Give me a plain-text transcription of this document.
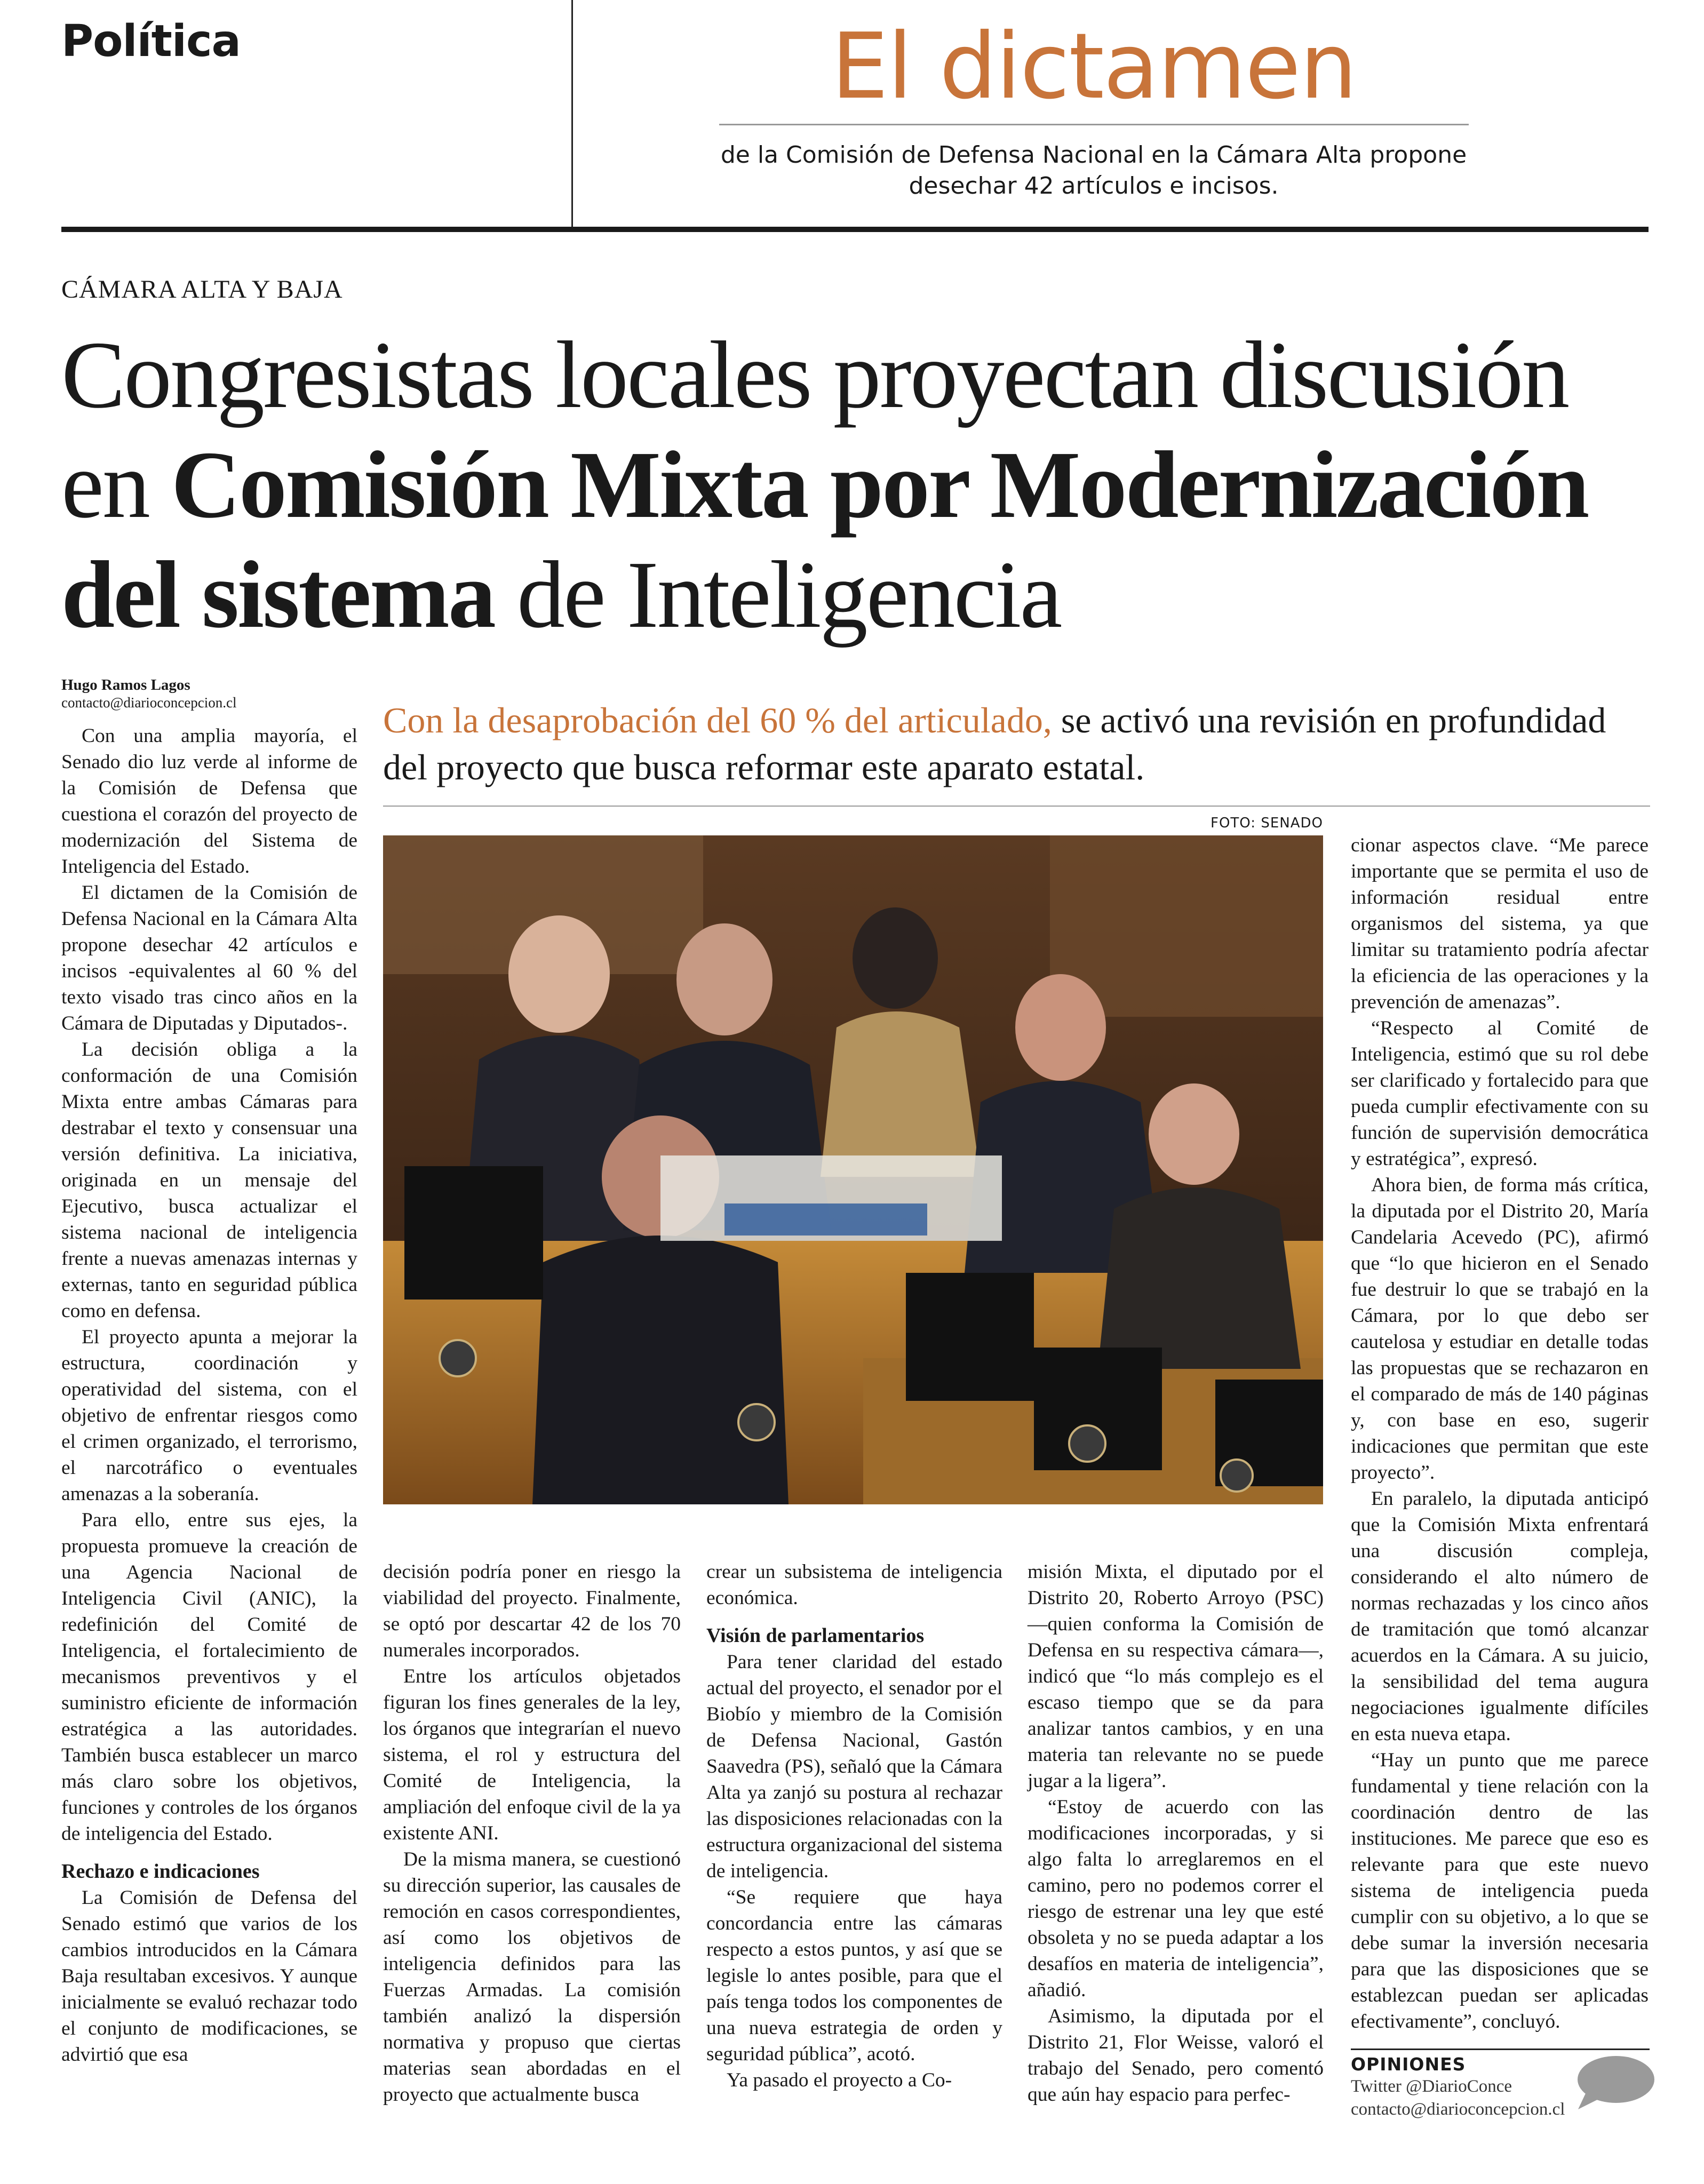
Política	El dictamen
de la Comisión de Defensa Nacional en la Cámara Alta propone
desechar 42 artículos e incisos.
CÁMARA ALTA Y BAJA
Congresistas locales proyectan discusión
en Comisión Mixta por Modernización
del sistema de Inteligencia
Hugo Ramos Lagos
contacto@diarioconcepcion.cl	Con la desaprobación del 60 % del articulado, se activó una revisión en profundidad del proyecto que busca reformar este aparato estatal.
FOTO: SENADO

Con una amplia mayoría, el Senado dio luz verde al informe de la Comisión de Defensa que cuestiona el corazón del proyecto de modernización del Sistema de Inteligencia del Estado.

El dictamen de la Comisión de Defensa Nacional en la Cámara Alta propone desechar 42 artículos e incisos -equivalentes al 60 % del texto visado tras cinco años en la Cámara de Diputadas y Diputados-.

La decisión obliga a la conformación de una Comisión Mixta entre ambas Cámaras para destrabar el texto y consensuar una versión definitiva. La iniciativa, originada en un mensaje del Ejecutivo, busca actualizar el sistema nacional de inteligencia frente a nuevas amenazas internas y externas, tanto en seguridad pública como en defensa.

El proyecto apunta a mejorar la estructura, coordinación y operatividad del sistema, con el objetivo de enfrentar riesgos como el crimen organizado, el terrorismo, el narcotráfico o eventuales amenazas a la soberanía.

Para ello, entre sus ejes, la propuesta promueve la creación de una Agencia Nacional de Inteligencia Civil (ANIC), la redefinición del Comité de Inteligencia, el fortalecimiento de mecanismos preventivos y el suministro eficiente de información estratégica a las autoridades. También busca establecer un marco más claro sobre los objetivos, funciones y controles de los órganos de inteligencia del Estado.

Rechazo e indicaciones

La Comisión de Defensa del Senado estimó que varios de los cambios introducidos en la Cámara Baja resultaban excesivos. Y aunque inicialmente se evaluó rechazar todo el conjunto de modificaciones, se advirtió que esa

decisión podría poner en riesgo la viabilidad del proyecto. Finalmente, se optó por descartar 42 de los 70 numerales incorporados.

Entre los artículos objetados figuran los fines generales de la ley, los órganos que integrarían el nuevo sistema, el rol y estructura del Comité de Inteligencia, la ampliación del enfoque civil de la ya existente ANI.

De la misma manera, se cuestionó su dirección superior, las causales de remoción en casos correspondientes, así como los objetivos de inteligencia definidos para las Fuerzas Armadas. La comisión también analizó la dispersión normativa y propuso que ciertas materias sean abordadas en el proyecto que actualmente busca

crear un subsistema de inteligencia económica.

Visión de parlamentarios

Para tener claridad del estado actual del proyecto, el senador por el Biobío y miembro de la Comisión de Defensa Nacional, Gastón Saavedra (PS), señaló que la Cámara Alta ya zanjó su postura al rechazar las disposiciones relacionadas con la estructura organizacional del sistema de inteligencia.

“Se requiere que haya concordancia entre las cámaras respecto a estos puntos, y así que se legisle lo antes posible, para que el país tenga todos los componentes de una nueva estrategia de orden y seguridad pública”, acotó.

Ya pasado el proyecto a Co-

misión Mixta, el diputado por el Distrito 20, Roberto Arroyo (PSC) —quien conforma la Comisión de Defensa en su respectiva cámara—, indicó que “lo más complejo es el escaso tiempo que se da para analizar tantos cambios, y en una materia tan relevante no se puede jugar a la ligera”.

“Estoy de acuerdo con las modificaciones incorporadas, y si algo falta lo arreglaremos en el camino, pero no podemos correr el riesgo de estrenar una ley que esté obsoleta y no se pueda adaptar a los desafíos en materia de inteligencia”, añadió.

Asimismo, la diputada por el Distrito 21, Flor Weisse, valoró el trabajo del Senado, pero comentó que aún hay espacio para perfec-

cionar aspectos clave. “Me parece importante que se permita el uso de información residual entre organismos del sistema, ya que limitar su tratamiento podría afectar la eficiencia de las operaciones y la prevención de amenazas”.

“Respecto al Comité de Inteligencia, estimó que su rol debe ser clarificado y fortalecido para que pueda cumplir efectivamente con su función de supervisión democrática y estratégica”, expresó.

Ahora bien, de forma más crítica, la diputada por el Distrito 20, María Candelaria Acevedo (PC), afirmó que “lo que hicieron en el Senado fue destruir lo que se trabajó en la Cámara, por lo que debo ser cautelosa y estudiar en detalle todas las propuestas que se rechazaron en el comparado de más de 140 páginas y, con base en eso, sugerir indicaciones que permitan que este proyecto”.

En paralelo, la diputada anticipó que la Comisión Mixta enfrentará una discusión compleja, considerando el alto número de normas rechazadas y los cinco años de tramitación que tomó alcanzar acuerdos en la Cámara. A su juicio, la sensibilidad del tema augura negociaciones igualmente difíciles en esta nueva etapa.

“Hay un punto que me parece fundamental y tiene relación con la coordinación dentro de las instituciones. Me parece que eso es relevante para que este nuevo sistema de inteligencia pueda cumplir con su objetivo, a lo que se debe sumar la inversión necesaria para que las disposiciones que se establezcan puedan ser aplicadas efectivamente”, concluyó.

OPINIONES
Twitter @DiarioConce
contacto@diarioconcepcion.cl
